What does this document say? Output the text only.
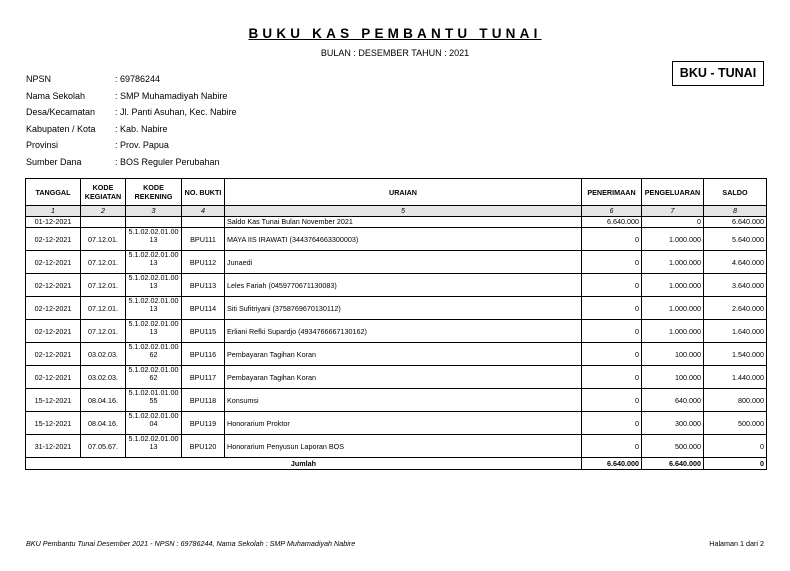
BUKU KAS PEMBANTU TUNAI
BULAN : DESEMBER TAHUN : 2021
BKU - TUNAI
NPSN	: 69786244
Nama Sekolah	: SMP Muhamadiyah Nabire
Desa/Kecamatan	: Jl. Panti Asuhan, Kec. Nabire
Kabupaten / Kota	: Kab. Nabire
Provinsi	: Prov. Papua
Sumber Dana	: BOS Reguler Perubahan
TANGGAL	KODE KEGIATAN	KODE REKENING	NO. BUKTI	URAIAN	PENERIMAAN	PENGELUARAN	SALDO
1	2	3	4	5	6	7	8
01-12-2021				Saldo Kas Tunai Bulan November 2021	6.640.000	0	6.640.000
02-12-2021	07.12.01.	5.1.02.02.01.00 13	BPU111	MAYA IIS IRAWATI (3443764663300003)	0	1.000.000	5.640.000
02-12-2021	07.12.01.	5.1.02.02.01.00 13	BPU112	Junaedi	0	1.000.000	4.640.000
02-12-2021	07.12.01.	5.1.02.02.01.00 13	BPU113	Leles Fariah (0459770671130083)	0	1.000.000	3.640.000
02-12-2021	07.12.01.	5.1.02.02.01.00 13	BPU114	Siti Sufitriyani (3758769670130112)	0	1.000.000	2.640.000
02-12-2021	07.12.01.	5.1.02.02.01.00 13	BPU115	Erliani Refki Supardjo (4934766667130162)	0	1.000.000	1.640.000
02-12-2021	03.02.03.	5.1.02.02.01.00 62	BPU116	Pembayaran Tagihan Koran	0	100.000	1.540.000
02-12-2021	03.02.03.	5.1.02.02.01.00 62	BPU117	Pembayaran Tagihan Koran	0	100.000	1.440.000
15-12-2021	08.04.16.	5.1.02.01.01.00 55	BPU118	Konsumsi	0	640.000	800.000
15-12-2021	08.04.16.	5.1.02.02.01.00 04	BPU119	Honorarium Proktor	0	300.000	500.000
31-12-2021	07.05.67.	5.1.02.02.01.00 13	BPU120	Honorarium Penyusun Laporan BOS	0	500.000	0
Jumlah					6.640.000	6.640.000	0
BKU Pembantu Tunai Desember 2021 - NPSN : 69786244, Nama Sekolah : SMP Muhamadiyah Nabire	Halaman 1 dari 2
